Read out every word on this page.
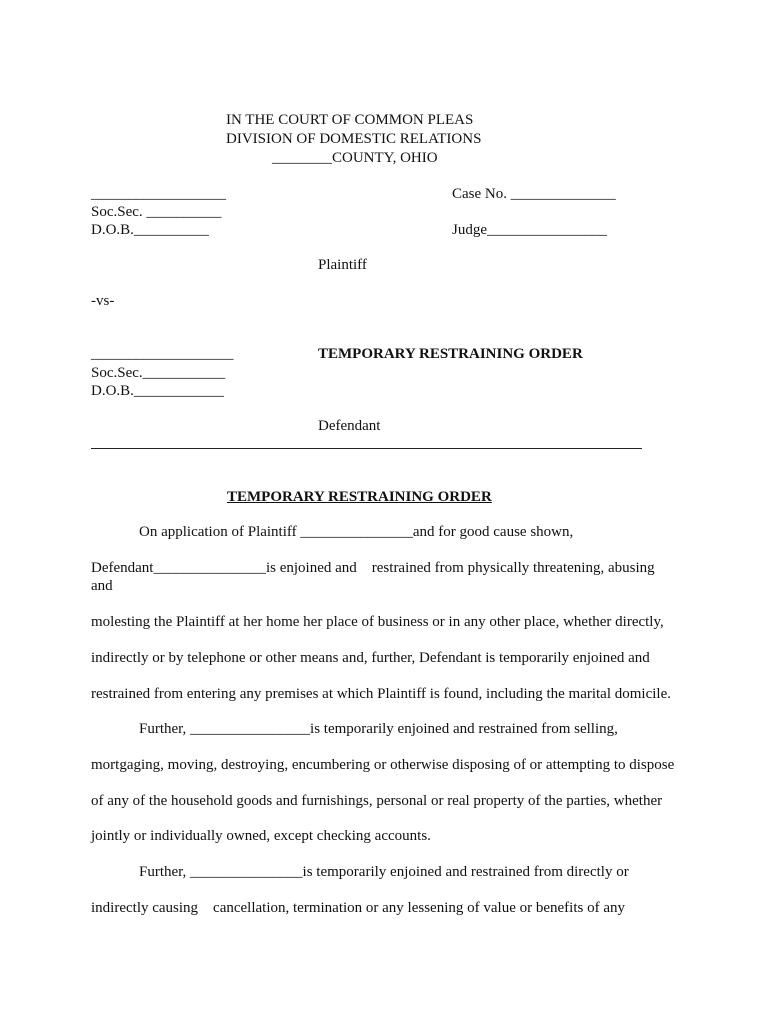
IN THE COURT OF COMMON PLEAS
DIVISION OF DOMESTIC RELATIONS
________COUNTY, OHIO
__________________
Soc.Sec. __________
D.O.B.__________
Case No. ______________
Judge________________
Plaintiff
-vs-
___________________
Soc.Sec.___________
D.O.B.____________
TEMPORARY RESTRAINING ORDER
Defendant
TEMPORARY RESTRAINING ORDER
On application of Plaintiff _______________and for good cause shown,
Defendant_______________is enjoined and    restrained from physically threatening, abusing
and
molesting the Plaintiff at her home her place of business or in any other place, whether directly,
indirectly or by telephone or other means and, further, Defendant is temporarily enjoined and
restrained from entering any premises at which Plaintiff is found, including the marital domicile.
Further, ________________is temporarily enjoined and restrained from selling,
mortgaging, moving, destroying, encumbering or otherwise disposing of or attempting to dispose
of any of the household goods and furnishings, personal or real property of the parties, whether
jointly or individually owned, except checking accounts.
Further, _______________is temporarily enjoined and restrained from directly or
indirectly causing    cancellation, termination or any lessening of value or benefits of any
